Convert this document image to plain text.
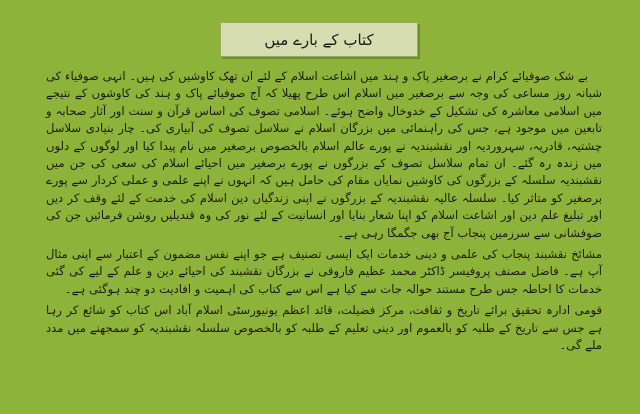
کتاب کے بارے میں

بے شک صوفیائے کرام نے برصغیر پاک و ہند میں اشاعت اسلام کے لئے ان تھک کاوشیں کی ہیں۔ انہی صوفیاء کی شبانہ روز مساعی کی وجہ سے برصغیر میں اسلام اس طرح پھیلا کہ آج صوفیائے پاک و ہند کی کاوشوں کے نتیجے میں اسلامی معاشرہ کی تشکیل کے خدوخال واضح ہوئے۔ اسلامی تصوف کی اساس قرآن و سنت اور آثار صحابہ و تابعین میں موجود ہے، جس کی راہنمائی میں بزرگان اسلام نے سلاسل تصوف کی آبیاری کی۔ چار بنیادی سلاسل چشتیہ، قادریہ، سہروردیہ اور نقشبندیہ نے پورے عالم اسلام بالخصوص برصغیر میں نام پیدا کیا اور لوگوں کے دلوں میں زندہ رہ گئے۔ ان تمام سلاسل تصوف کے بزرگوں نے پورے برصغیر میں احیائے اسلام کی سعی کی جن میں نقشبندیہ سلسلہ کے بزرگوں کی کاوشیں نمایاں مقام کی حامل ہیں کہ انہوں نے اپنے علمی و عملی کردار سے پورے برصغیر کو متاثر کیا۔ سلسلہ عالیہ نقشبندیہ کے بزرگوں نے اپنی زندگیاں دین اسلام کی خدمت کے لئے وقف کر دیں اور تبلیغ علم دین اور اشاعت اسلام کو اپنا شعار بنایا اور انسانیت کے لئے نور کی وہ قندیلیں روشن فرمائیں جن کی ضوفشانی سے سرزمین پنجاب آج بھی جگمگا رہی ہے۔

مشائخ نقشبند پنجاب کی علمی و دینی خدمات ایک ایسی تصنیف ہے جو اپنے نفس مضمون کے اعتبار سے اپنی مثال آپ ہے۔ فاضل مصنف پروفیسر ڈاکٹر محمد عظیم فاروقی نے بزرگان نقشبند کی احیائے دین و علم کے لیے کی گئی خدمات کا احاطہ جس طرح مستند حوالہ جات سے کیا ہے اس سے کتاب کی اہمیت و افادیت دو چند ہوگئی ہے۔

قومی ادارہ تحقیق برائے تاریخ و ثقافت، مرکز فضیلت، قائد اعظم یونیورسٹی اسلام آباد اس کتاب کو شائع کر رہا ہے جس سے تاریخ کے طلبہ کو بالعموم اور دینی تعلیم کے طلبہ کو بالخصوص سلسلہ نقشبندیہ کو سمجھنے میں مدد ملے گی۔
